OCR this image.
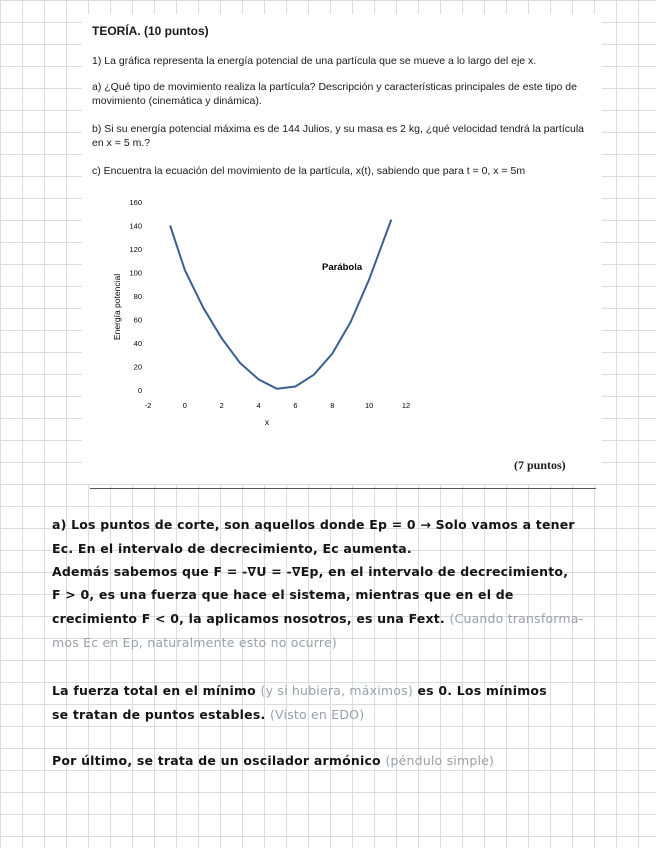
TEORÍA. (10 puntos)
1) La gráfica representa la energía potencial de una partícula que se mueve a lo largo del eje x.
a) ¿Qué tipo de movimiento realiza la partícula? Descripción y características principales de este tipo de movimiento (cinemática y dinámica).
b) Si su energía potencial máxima es de 144 Julios, y su masa es 2 kg, ¿qué velocidad tendrá la partícula en x = 5 m.?
c) Encuentra la ecuación del movimiento de la partícula, x(t), sabiendo que para t = 0, x = 5m
0
20
40
60
80
100
120
140
160
-2	0	2	4	6	8	10	12
Energía potencial
x
Parábola
(7 puntos)
a) Los puntos de corte, son aquellos donde Ep = 0 → Solo vamos a tener
Ec. En el intervalo de decrecimiento, Ec aumenta.
Además sabemos que F = -∇U = -∇Ep, en el intervalo de decrecimiento,
F > 0, es una fuerza que hace el sistema, mientras que en el de
crecimiento F < 0, la aplicamos nosotros, es una Fext. (Cuando transforma-
mos Ec en Ep, naturalmente esto no ocurre)
La fuerza total en el mínimo (y si hubiera, máximos) es 0. Los mínimos
se tratan de puntos estables. (Visto en EDO)
Por último, se trata de un oscilador armónico (péndulo simple)
